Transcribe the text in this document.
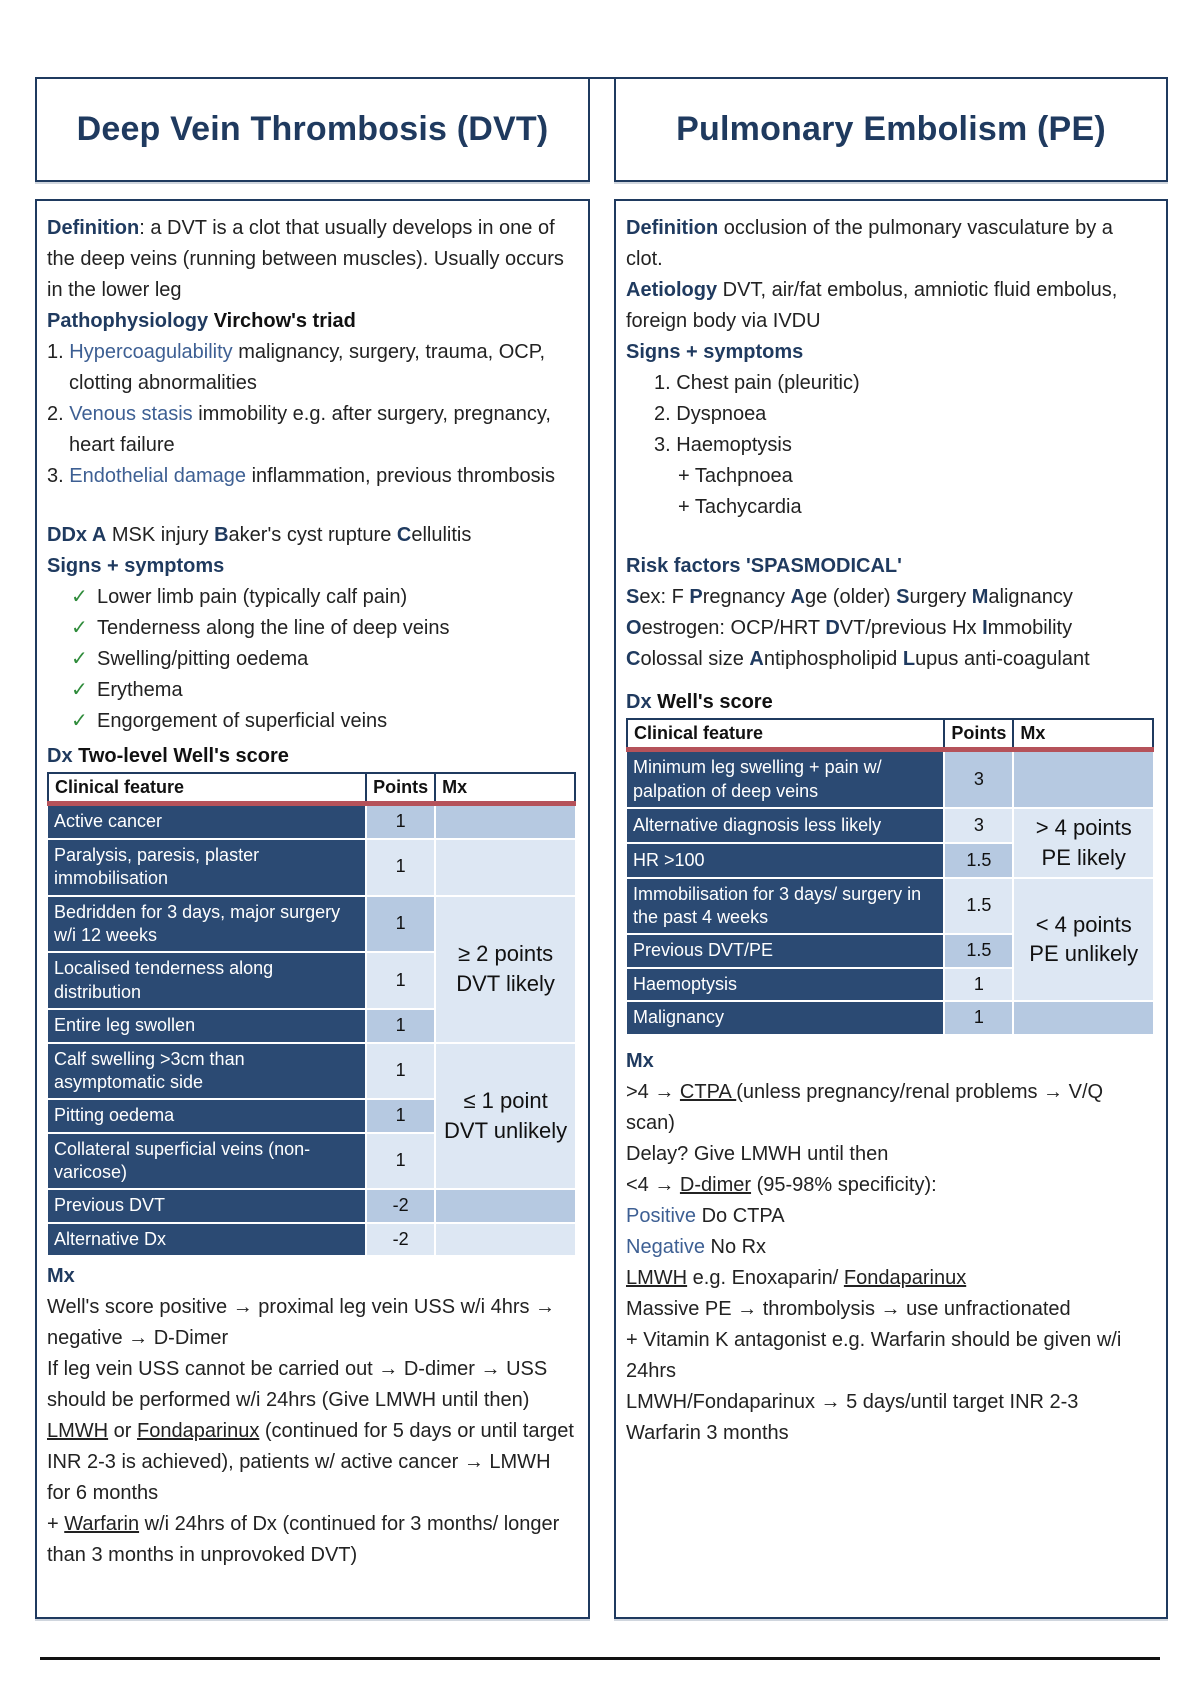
Deep Vein Thrombosis (DVT)	Pulmonary Embolism (PE)

Definition: a DVT is a clot that usually develops in one of the deep veins (running between muscles). Usually occurs in the lower leg

Pathophysiology Virchow's triad

1. Hypercoagulability malignancy, surgery, trauma, OCP, clotting abnormalities
2. Venous stasis immobility e.g. after surgery, pregnancy, heart failure
3. Endothelial damage inflammation, previous thrombosis

DDx A MSK injury Baker's cyst rupture Cellulitis

Signs + symptoms

✓ Lower limb pain (typically calf pain)
✓ Tenderness along the line of deep veins
✓ Swelling/pitting oedema
✓ Erythema
✓ Engorgement of superficial veins

Dx Two-level Well's score

Clinical feature	Points	Mx
Active cancer	1	
Paralysis, paresis, plaster immobilisation	1	
Bedridden for 3 days, major surgery w/i 12 weeks	1	≥ 2 points DVT likely
Localised tenderness along distribution	1	
Entire leg swollen	1	
Calf swelling >3cm than asymptomatic side	1	≤ 1 point DVT unlikely
Pitting oedema	1	
Collateral superficial veins (non-varicose)	1	
Previous DVT	-2	
Alternative Dx	-2	

Mx

Well's score positive → proximal leg vein USS w/i 4hrs → negative → D-Dimer

If leg vein USS cannot be carried out → D-dimer → USS should be performed w/i 24hrs (Give LMWH until then)

LMWH or Fondaparinux (continued for 5 days or until target INR 2-3 is achieved), patients w/ active cancer → LMWH for 6 months

+ Warfarin w/i 24hrs of Dx (continued for 3 months/ longer than 3 months in unprovoked DVT)

Definition occlusion of the pulmonary vasculature by a clot.

Aetiology DVT, air/fat embolus, amniotic fluid embolus, foreign body via IVDU

Signs + symptoms

1. Chest pain (pleuritic)
2. Dyspnoea
3. Haemoptysis
+ Tachpnoea
+ Tachycardia

Risk factors 'SPASMODICAL'

Sex: F Pregnancy Age (older) Surgery Malignancy Oestrogen: OCP/HRT DVT/previous Hx Immobility Colossal size Antiphospholipid Lupus anti-coagulant

Dx Well's score

Clinical feature	Points	Mx
Minimum leg swelling + pain w/ palpation of deep veins	3	
Alternative diagnosis less likely	3	> 4 points PE likely
HR >100	1.5	
Immobilisation for 3 days/ surgery in the past 4 weeks	1.5	< 4 points PE unlikely
Previous DVT/PE	1.5	
Haemoptysis	1	
Malignancy	1	

Mx

>4 → CTPA (unless pregnancy/renal problems → V/Q scan)

Delay? Give LMWH until then

<4 → D-dimer (95-98% specificity):

Positive Do CTPA

Negative No Rx

LMWH e.g. Enoxaparin/ Fondaparinux

Massive PE → thrombolysis → use unfractionated

+ Vitamin K antagonist e.g. Warfarin should be given w/i 24hrs

LMWH/Fondaparinux → 5 days/until target INR 2-3

Warfarin 3 months
